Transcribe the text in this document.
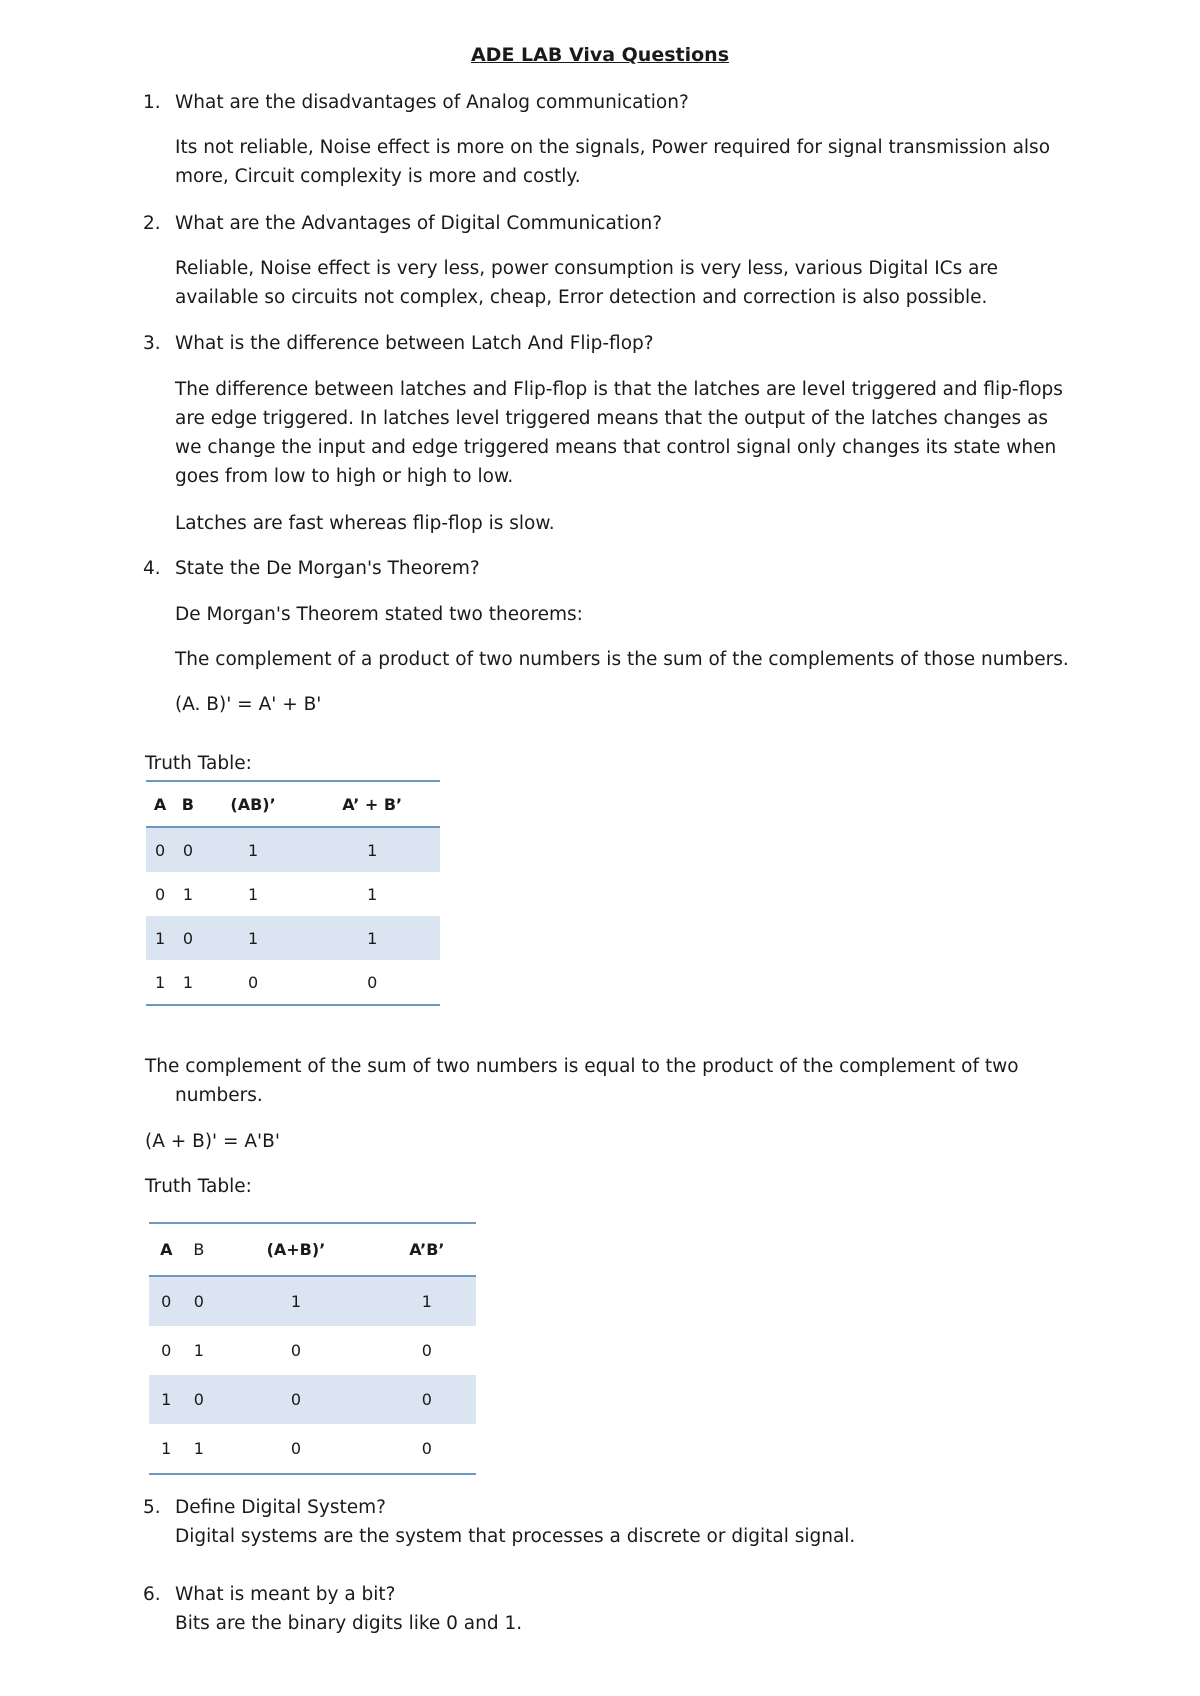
ADE LAB Viva Questions
1. What are the disadvantages of Analog communication?
Its not reliable, Noise effect is more on the signals, Power required for signal transmission also more, Circuit complexity is more and costly.
2. What are the Advantages of Digital Communication?
Reliable, Noise effect is very less, power consumption is very less, various Digital ICs are available so circuits not complex, cheap, Error detection and correction is also possible.
3. What is the difference between Latch And Flip-flop?
The difference between latches and Flip-flop is that the latches are level triggered and flip-flops are edge triggered. In latches level triggered means that the output of the latches changes as we change the input and edge triggered means that control signal only changes its state when goes from low to high or high to low.
Latches are fast whereas flip-flop is slow.
4. State the De Morgan's Theorem?
De Morgan's Theorem stated two theorems:
The complement of a product of two numbers is the sum of the complements of those numbers.
(A. B)' = A' + B'
Truth Table:
A	B	(AB)’	A’ + B’
0	0	1	1
0	1	1	1
1	0	1	1
1	1	0	0
The complement of the sum of two numbers is equal to the product of the complement of two numbers.
(A + B)' = A'B'
Truth Table:
A	B	(A+B)’	A’B’
0	0	1	1
0	1	0	0
1	0	0	0
1	1	0	0
5. Define Digital System?
Digital systems are the system that processes a discrete or digital signal.
6. What is meant by a bit?
Bits are the binary digits like 0 and 1.
